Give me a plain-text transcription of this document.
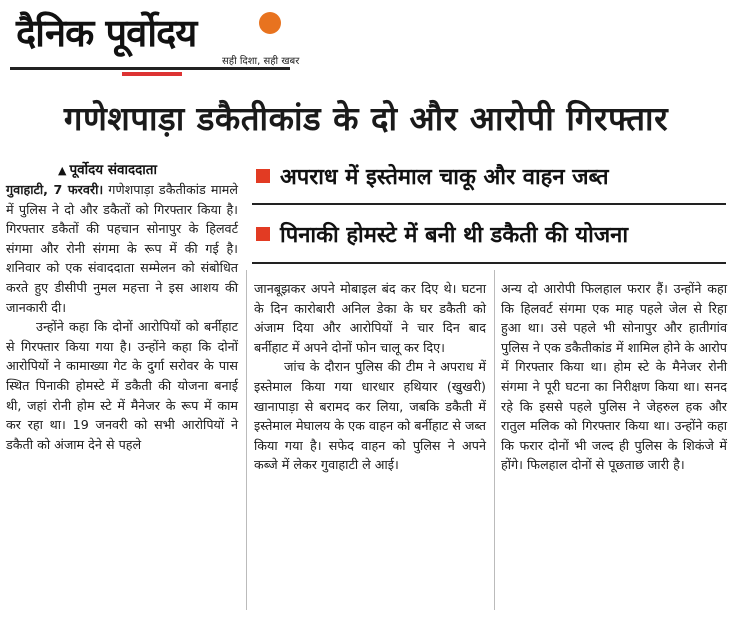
दैनिक पूर्वोदय
सही दिशा, सही खबर
गणेशपाड़ा डकैतीकांड के दो और आरोपी गिरफ्तार
▲ पूर्वोदय संवाददाता	अपराध में इस्तेमाल चाकू और वाहन जब्त
पिनाकी होमस्टे में बनी थी डकैती की योजना

गुवाहाटी, 7 फरवरी। गणेशपाड़ा डकैतीकांड मामले में पुलिस ने दो और डकैतों को गिरफ्तार किया है। गिरफ्तार डकैतों की पहचान सोनापुर के हिलवर्ट संगमा और रोनी संगमा के रूप में की गई है। शनिवार को एक संवाददाता सम्मेलन को संबोधित करते हुए डीसीपी नुमल महत्ता ने इस आशय की जानकारी दी।

उन्होंने कहा कि दोनों आरोपियों को बर्नीहाट से गिरफ्तार किया गया है। उन्होंने कहा कि दोनों आरोपियों ने कामाख्या गेट के दुर्गा सरोवर के पास स्थित पिनाकी होमस्टे में डकैती की योजना बनाई थी, जहां रोनी होम स्टे में मैनेजर के रूप में काम कर रहा था। 19 जनवरी को सभी आरोपियों ने डकैती को अंजाम देने से पहले

जानबूझकर अपने मोबाइल बंद कर दिए थे। घटना के दिन कारोबारी अनिल डेका के घर डकैती को अंजाम दिया और आरोपियों ने चार दिन बाद बर्नीहाट में अपने दोनों फोन चालू कर दिए।

जांच के दौरान पुलिस की टीम ने अपराध में इस्तेमाल किया गया धारधार हथियार (खुखरी) खानापाड़ा से बरामद कर लिया, जबकि डकैती में इस्तेमाल मेघालय के एक वाहन को बर्नीहाट से जब्त किया गया है। सफेद वाहन को पुलिस ने अपने कब्जे में लेकर गुवाहाटी ले आई।

अन्य दो आरोपी फिलहाल फरार हैं। उन्होंने कहा कि हिलवर्ट संगमा एक माह पहले जेल से रिहा हुआ था। उसे पहले भी सोनापुर और हातीगांव पुलिस ने एक डकैतीकांड में शामिल होने के आरोप में गिरफ्तार किया था। होम स्टे के मैनेजर रोनी संगमा ने पूरी घटना का निरीक्षण किया था। सनद रहे कि इससे पहले पुलिस ने जेहरुल हक और रातुल मलिक को गिरफ्तार किया था। उन्होंने कहा कि फरार दोनों भी जल्द ही पुलिस के शिकंजे में होंगे। फिलहाल दोनों से पूछताछ जारी है।
